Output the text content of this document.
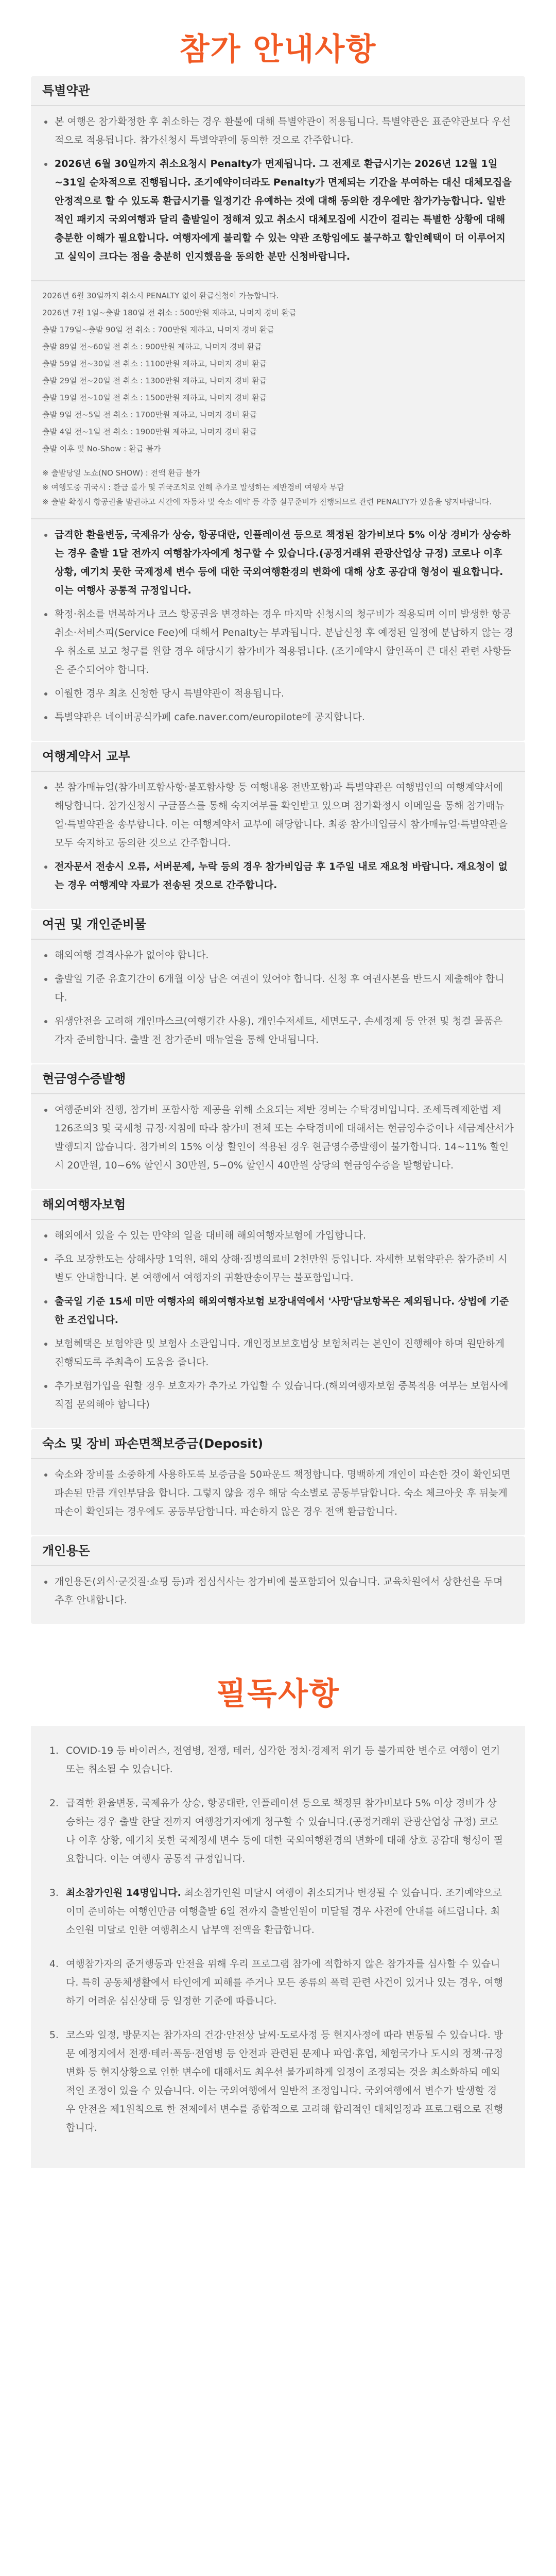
참가 안내사항
특별약관
본 여행은 참가확정한 후 취소하는 경우 환불에 대해 특별약관이 적용됩니다. 특별약관은 표준약관보다 우선적으로 적용됩니다. 참가신청시 특별약관에 동의한 것으로 간주합니다.
2026년 6월 30일까지 취소요청시 Penalty가 면제됩니다. 그 전제로 환급시기는 2026년 12월 1일~31일 순차적으로 진행됩니다. 조기예약이더라도 Penalty가 면제되는 기간을 부여하는 대신 대체모집을 안정적으로 할 수 있도록 환급시기를 일정기간 유예하는 것에 대해 동의한 경우에만 참가가능합니다. 일반적인 패키지 국외여행과 달리 출발일이 정해져 있고 취소시 대체모집에 시간이 걸리는 특별한 상황에 대해 충분한 이해가 필요합니다. 여행자에게 불리할 수 있는 약관 조항임에도 불구하고 할인혜택이 더 이루어지고 실익이 크다는 점을 충분히 인지했음을 동의한 분만 신청바랍니다.
2026년 6월 30일까지 취소시 PENALTY 없이 환급신청이 가능합니다.
2026년 7월 1일~출발 180일 전 취소 : 500만원 제하고, 나머지 경비 환급
출발 179일~출발 90일 전 취소 : 700만원 제하고, 나머지 경비 환급
출발 89일 전~60일 전 취소 : 900만원 제하고, 나머지 경비 환급
출발 59일 전~30일 전 취소 : 1100만원 제하고, 나머지 경비 환급
출발 29일 전~20일 전 취소 : 1300만원 제하고, 나머지 경비 환급
출발 19일 전~10일 전 취소 : 1500만원 제하고, 나머지 경비 환급
출발 9일 전~5일 전 취소 : 1700만원 제하고, 나머지 경비 환급
출발 4일 전~1일 전 취소 : 1900만원 제하고, 나머지 경비 환급
출발 이후 및 No-Show : 환급 불가
※ 출발당일 노쇼(NO SHOW) : 전액 환급 불가
※ 여행도중 귀국시 : 환급 불가 및 귀국조치로 인해 추가로 발생하는 제반경비 여행자 부담
※ 출발 확정시 항공권을 발권하고 시간에 자동차 및 숙소 예약 등 각종 실무준비가 진행되므로 관련 PENALTY가 있음을 양지바랍니다.
급격한 환율변동, 국제유가 상승, 항공대란, 인플레이션 등으로 책정된 참가비보다 5% 이상 경비가 상승하는 경우 출발 1달 전까지 여행참가자에게 청구할 수 있습니다.(공정거래위 관광산업상 규정) 코로나 이후 상황, 예기치 못한 국제정세 변수 등에 대한 국외여행환경의 변화에 대해 상호 공감대 형성이 필요합니다. 이는 여행사 공통적 규정입니다.
확정·취소를 번복하거나 코스 항공권을 변경하는 경우 마지막 신청시의 청구비가 적용되며 이미 발생한 항공취소·서비스피(Service Fee)에 대해서 Penalty는 부과됩니다. 분납신청 후 예정된 일정에 분납하지 않는 경우 취소로 보고 청구를 원할 경우 해당시기 참가비가 적용됩니다. (조기예약시 할인폭이 큰 대신 관련 사항들은 준수되어야 합니다.
이월한 경우 최초 신청한 당시 특별약관이 적용됩니다.
특별약관은 네이버공식카페 cafe.naver.com/europilote에 공지합니다.
여행계약서 교부
본 참가매뉴얼(참가비포함사항·불포함사항 등 여행내용 전반포함)과 특별약관은 여행법인의 여행계약서에 해당합니다. 참가신청시 구글폼스를 통해 숙지여부를 확인받고 있으며 참가확정시 이메일을 통해 참가매뉴얼·특별약관을 송부합니다. 이는 여행계약서 교부에 해당합니다. 최종 참가비입금시 참가매뉴얼·특별약관을 모두 숙지하고 동의한 것으로 간주합니다.
전자문서 전송시 오류, 서버문제, 누락 등의 경우 참가비입금 후 1주일 내로 재요청 바랍니다. 재요청이 없는 경우 여행계약 자료가 전송된 것으로 간주합니다.
여권 및 개인준비물
해외여행 결격사유가 없어야 합니다.
출발일 기준 유효기간이 6개월 이상 남은 여권이 있어야 합니다. 신청 후 여권사본을 반드시 제출해야 합니다.
위생안전을 고려해 개인마스크(여행기간 사용), 개인수저세트, 세면도구, 손세정제 등 안전 및 청결 물품은 각자 준비합니다. 출발 전 참가준비 매뉴얼을 통해 안내됩니다.
현금영수증발행
여행준비와 진행, 참가비 포함사항 제공을 위해 소요되는 제반 경비는 수탁경비입니다. 조세특례제한법 제126조의3 및 국세청 규정·지침에 따라 참가비 전체 또는 수탁경비에 대해서는 현금영수증이나 세금계산서가 발행되지 않습니다. 참가비의 15% 이상 할인이 적용된 경우 현금영수증발행이 불가합니다. 14~11% 할인시 20만원, 10~6% 할인시 30만원, 5~0% 할인시 40만원 상당의 현금영수증을 발행합니다.
해외여행자보험
해외에서 있을 수 있는 만약의 일을 대비해 해외여행자보험에 가입합니다.
주요 보장한도는 상해사망 1억원, 해외 상해·질병의료비 2천만원 등입니다. 자세한 보험약관은 참가준비 시 별도 안내합니다. 본 여행에서 여행자의 귀환판송이무는 불포함입니다.
출국일 기준 15세 미만 여행자의 해외여행자보험 보장내역에서 '사망'담보항목은 제외됩니다. 상법에 기준한 조건입니다.
보험혜택은 보험약관 및 보험사 소관입니다. 개인정보보호법상 보험처리는 본인이 진행해야 하며 원만하게 진행되도록 주최측이 도움을 줍니다.
추가보험가입을 원할 경우 보호자가 추가로 가입할 수 있습니다.(해외여행자보험 중복적용 여부는 보험사에 직접 문의해야 합니다)
숙소 및 장비 파손면책보증금(Deposit)
숙소와 장비를 소중하게 사용하도록 보증금을 50파운드 책정합니다. 명백하게 개인이 파손한 것이 확인되면 파손된 만큼 개인부담을 합니다. 그렇지 않을 경우 해당 숙소별로 공동부담합니다. 숙소 체크아웃 후 뒤늦게 파손이 확인되는 경우에도 공동부담합니다. 파손하지 않은 경우 전액 환급합니다.
개인용돈
개인용돈(외식·군것질·쇼핑 등)과 점심식사는 참가비에 불포함되어 있습니다. 교육차원에서 상한선을 두며 추후 안내합니다.
필독사항
1. COVID-19 등 바이러스, 전염병, 전쟁, 테러, 심각한 정치·경제적 위기 등 불가피한 변수로 여행이 연기 또는 취소될 수 있습니다.
2. 급격한 환율변동, 국제유가 상승, 항공대란, 인플레이션 등으로 책정된 참가비보다 5% 이상 경비가 상승하는 경우 출발 한달 전까지 여행참가자에게 청구할 수 있습니다.(공정거래위 관광산업상 규정) 코로나 이후 상황, 예기치 못한 국제정세 변수 등에 대한 국외여행환경의 변화에 대해 상호 공감대 형성이 필요합니다. 이는 여행사 공통적 규정입니다.
3. 최소참가인원 14명입니다. 최소참가인원 미달시 여행이 취소되거나 변경될 수 있습니다. 조기예약으로 이미 준비하는 여행인만큼 여행출발 6일 전까지 출발인원이 미달될 경우 사전에 안내를 해드립니다. 최소인원 미달로 인한 여행취소시 납부액 전액을 환급합니다.
4. 여행참가자의 준거행동과 안전을 위해 우리 프로그램 참가에 적합하지 않은 참가자를 심사할 수 있습니다. 특히 공동체생활에서 타인에게 피해를 주거나 모든 종류의 폭력 관련 사건이 있거나 있는 경우, 여행하기 어려운 심신상태 등 일정한 기준에 따릅니다.
5. 코스와 일정, 방문지는 참가자의 건강·안전상 날씨·도로사정 등 현지사정에 따라 변동될 수 있습니다. 방문 예정지에서 전쟁·테러·폭동·전염병 등 안전과 관련된 문제나 파업·휴업, 체험국가나 도시의 정책·규정 변화 등 현지상황으로 인한 변수에 대해서도 최우선 불가피하게 일정이 조정되는 것을 최소화하되 예외적인 조정이 있을 수 있습니다. 이는 국외여행에서 일반적 조정입니다. 국외여행에서 변수가 발생할 경우 안전을 제1원칙으로 한 전제에서 변수를 종합적으로 고려해 합리적인 대체일정과 프로그램으로 진행합니다.
